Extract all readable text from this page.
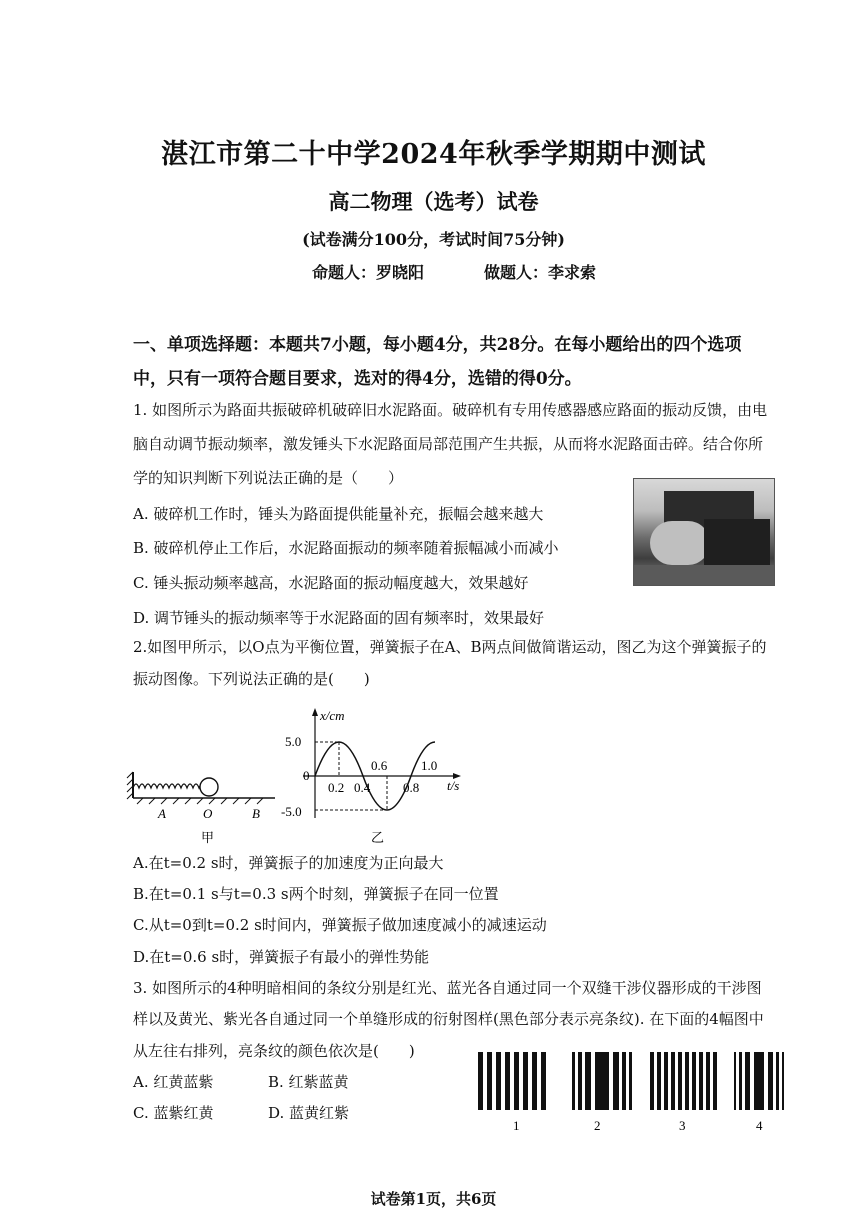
湛江市第二十中学2024年秋季学期期中测试
高二物理（选考）试卷
(试卷满分100分，考试时间75分钟)
命题人：罗晓阳	做题人：李求索
一、单项选择题：本题共7小题，每小题4分，共28分。在每小题给出的四个选项
中，只有一项符合题目要求，选对的得4分，选错的得0分。
1. 如图所示为路面共振破碎机破碎旧水泥路面。破碎机有专用传感器感应路面的振动反馈，由电
脑自动调节振动频率，激发锤头下水泥路面局部范围产生共振，从而将水泥路面击碎。结合你所
学的知识判断下列说法正确的是（　　）
A. 破碎机工作时，锤头为路面提供能量补充，振幅会越来越大
B. 破碎机停止工作后，水泥路面振动的频率随着振幅减小而减小
C. 锤头振动频率越高，水泥路面的振动幅度越大，效果越好
D. 调节锤头的振动频率等于水泥路面的固有频率时，效果最好
2.如图甲所示，以O点为平衡位置，弹簧振子在A、B两点间做简谐运动，图乙为这个弹簧振子的
振动图像。下列说法正确的是(　　)
A	O	B
甲
x/cm
t/s
0
5.0
-5.0
0.2 0.4
0.6
0.8
1.0
乙
A.在t=0.2 s时，弹簧振子的加速度为正向最大
B.在t=0.1 s与t=0.3 s两个时刻，弹簧振子在同一位置
C.从t=0到t=0.2 s时间内，弹簧振子做加速度减小的减速运动
D.在t=0.6 s时，弹簧振子有最小的弹性势能
3. 如图所示的4种明暗相间的条纹分别是红光、蓝光各自通过同一个双缝干涉仪器形成的干涉图
样以及黄光、紫光各自通过同一个单缝形成的衍射图样(黑色部分表示亮条纹). 在下面的4幅图中
从左往右排列，亮条纹的颜色依次是(　　)
A. 红黄蓝紫	B. 红紫蓝黄
C. 蓝紫红黄	D. 蓝黄红紫
1	2	3	4
试卷第1页，共6页
